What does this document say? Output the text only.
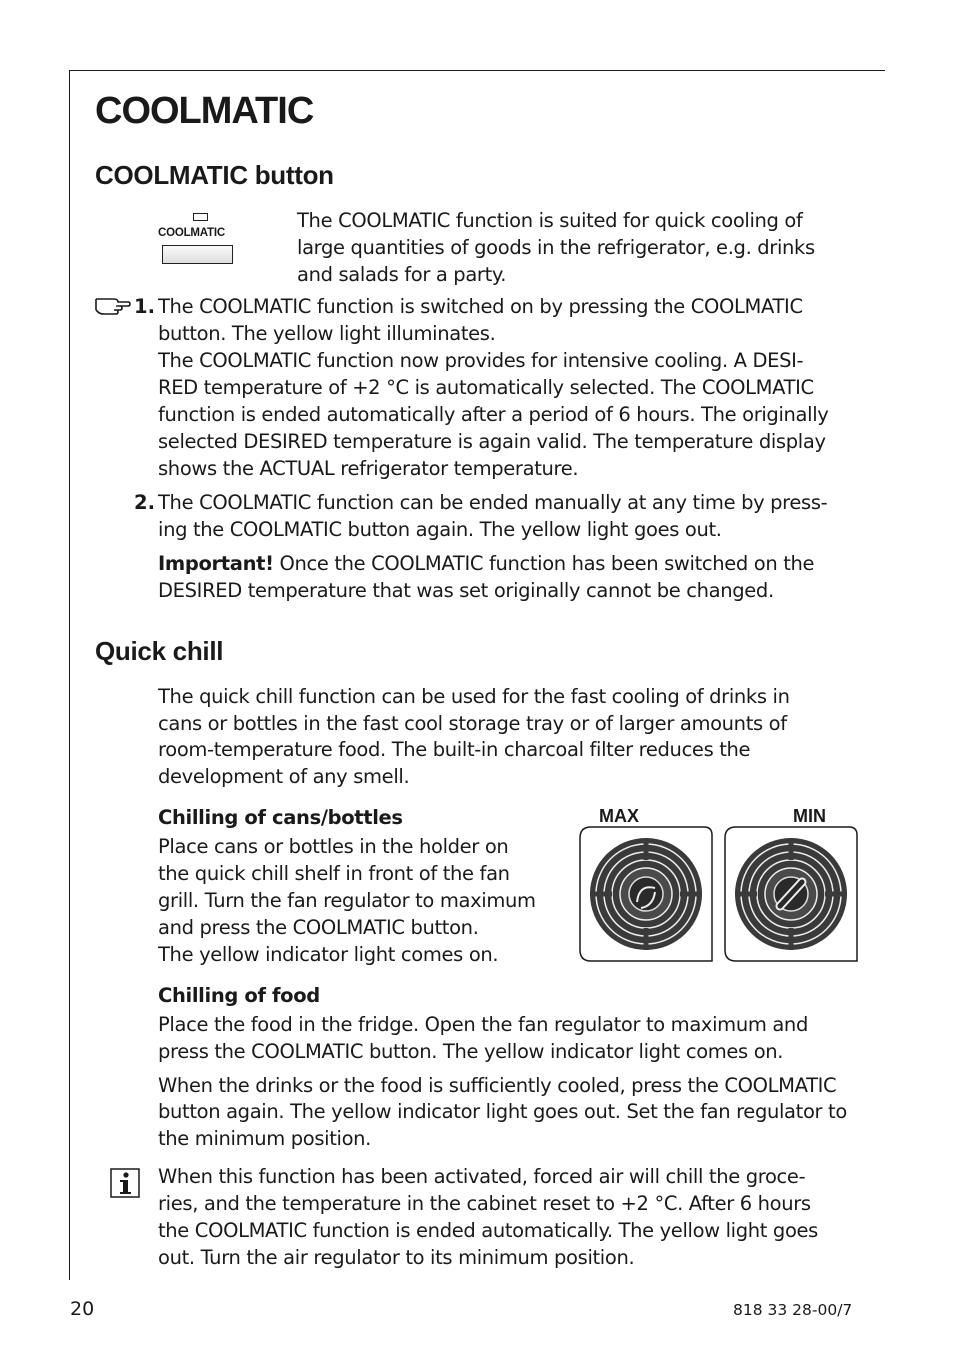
COOLMATIC
COOLMATIC button
COOLMATIC

The COOLMATIC function is suited for quick cooling of

large quantities of goods in the refrigerator, e.g. drinks

and salads for a party.

1. The COOLMATIC function is switched on by pressing the COOLMATIC

button. The yellow light illuminates.

The COOLMATIC function now provides for intensive cooling. A DESI-

RED temperature of +2 °C is automatically selected. The COOLMATIC

function is ended automatically after a period of 6 hours. The originally

selected DESIRED temperature is again valid. The temperature display

shows the ACTUAL refrigerator temperature.

2. The COOLMATIC function can be ended manually at any time by press-

ing the COOLMATIC button again. The yellow light goes out.

Important! Once the COOLMATIC function has been switched on the

DESIRED temperature that was set originally cannot be changed.

Quick chill

The quick chill function can be used for the fast cooling of drinks in

cans or bottles in the fast cool storage tray or of larger amounts of

room-temperature food. The built-in charcoal filter reduces the

development of any smell.

Chilling of cans/bottles

Place cans or bottles in the holder on

the quick chill shelf in front of the fan

grill. Turn the fan regulator to maximum

and press the COOLMATIC button.

The yellow indicator light comes on.

MAX	MIN

Chilling of food

Place the food in the fridge. Open the fan regulator to maximum and

press the COOLMATIC button. The yellow indicator light comes on.

When the drinks or the food is sufficiently cooled, press the COOLMATIC

button again. The yellow indicator light goes out. Set the fan regulator to

the minimum position.

When this function has been activated, forced air will chill the groce-

ries, and the temperature in the cabinet reset to +2 °C. After 6 hours

the COOLMATIC function is ended automatically. The yellow light goes

out. Turn the air regulator to its minimum position.

20	818 33 28-00/7
